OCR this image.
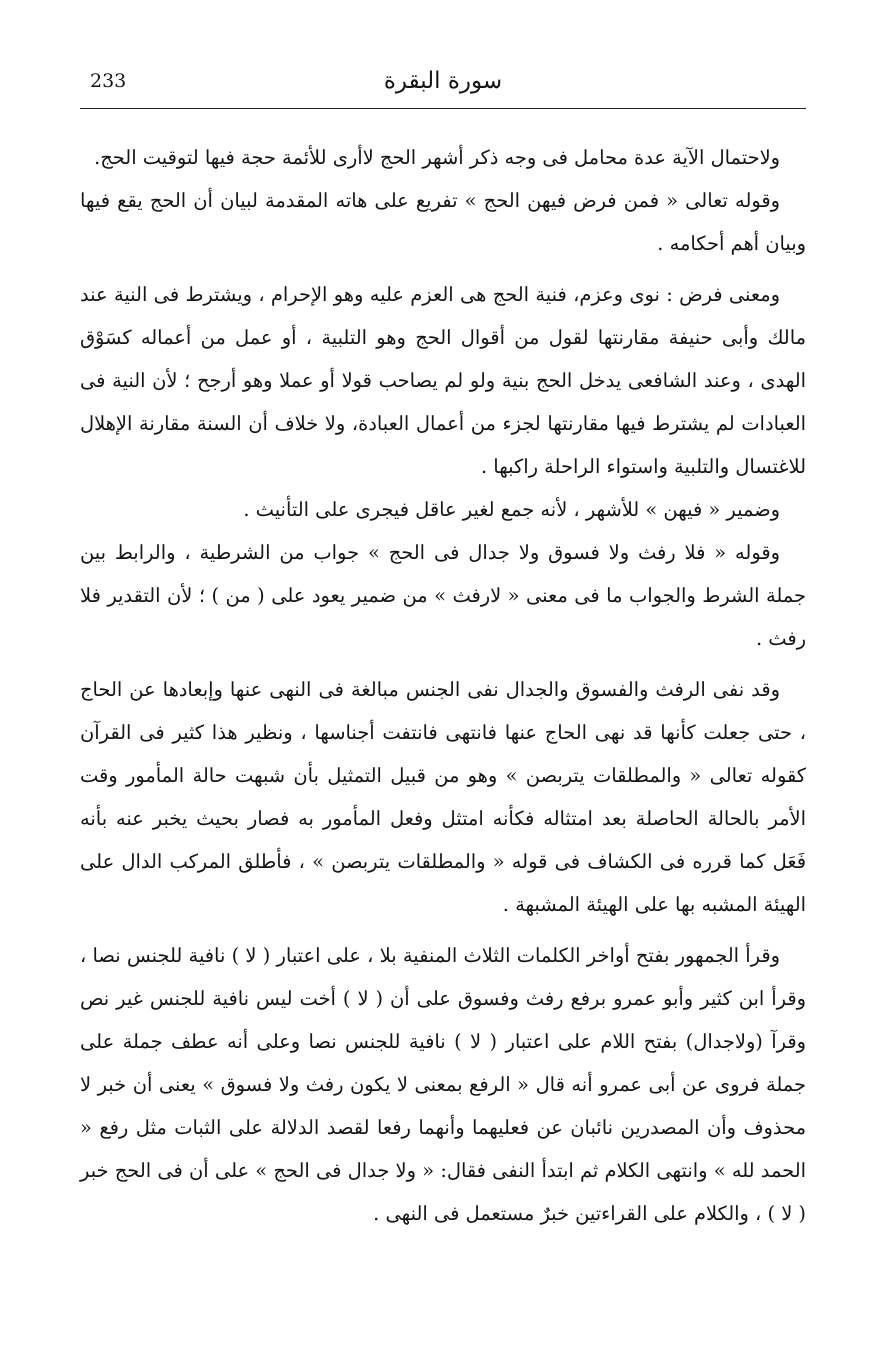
233	سورة البقرة

ولاحتمال الآية عدة محامل فى وجه ذكر أشهر الحج لاأرى للأئمة حجة فيها لتوقيت الحج.

وقوله تعالى « فمن فرض فيهن الحج » تفريع على هاته المقدمة لبيان أن الحج يقع فيها وبيان أهم أحكامه .

ومعنى فرض : نوى وعزم، فنية الحج هى العزم عليه وهو الإحرام ، ويشترط فى النية عند مالك وأبى حنيفة مقارنتها لقول من أقوال الحج وهو التلبية ، أو عمل من أعماله كسَوْق الهدى ، وعند الشافعى يدخل الحج بنية ولو لم يصاحب قولا أو عملا وهو أرجح ؛ لأن النية فى العبادات لم يشترط فيها مقارنتها لجزء من أعمال العبادة، ولا خلاف أن السنة مقارنة الإهلال للاغتسال والتلبية واستواء الراحلة راكبها .

وضمير « فيهن » للأشهر ، لأنه جمع لغير عاقل فيجرى على التأنيث .

وقوله « فلا رفث ولا فسوق ولا جدال فى الحج » جواب من الشرطية ، والرابط بين جملة الشرط والجواب ما فى معنى « لارفث » من ضمير يعود على ( من ) ؛ لأن التقدير فلا رفث .

وقد نفى الرفث والفسوق والجدال نفى الجنس مبالغة فى النهى عنها وإبعادها عن الحاج ، حتى جعلت كأنها قد نهى الحاج عنها فانتهى فانتفت أجناسها ، ونظير هذا كثير فى القرآن كقوله تعالى « والمطلقات يتربصن » وهو من قبيل التمثيل بأن شبهت حالة المأمور وقت الأمر بالحالة الحاصلة بعد امتثاله فكأنه امتثل وفعل المأمور به فصار بحيث يخبر عنه بأنه فَعَل كما قرره فى الكشاف فى قوله « والمطلقات يتربصن » ، فأطلق المركب الدال على الهيئة المشبه بها على الهيئة المشبهة .

وقرأ الجمهور بفتح أواخر الكلمات الثلاث المنفية بلا ، على اعتبار ( لا ) نافية للجنس نصا ، وقرأ ابن كثير وأبو عمرو برفع رفث وفسوق على أن ( لا ) أخت ليس نافية للجنس غير نص وقرآ (ولاجدال) بفتح اللام على اعتبار ( لا ) نافية للجنس نصا وعلى أنه عطف جملة على جملة فروى عن أبى عمرو أنه قال « الرفع بمعنى لا يكون رفث ولا فسوق » يعنى أن خبر لا محذوف وأن المصدرين نائبان عن فعليهما وأنهما رفعا لقصد الدلالة على الثبات مثل رفع « الحمد لله » وانتهى الكلام ثم ابتدأ النفى فقال: « ولا جدال فى الحج » على أن فى الحج خبر ( لا ) ، والكلام على القراءتين خبرٌ مستعمل فى النهى .
